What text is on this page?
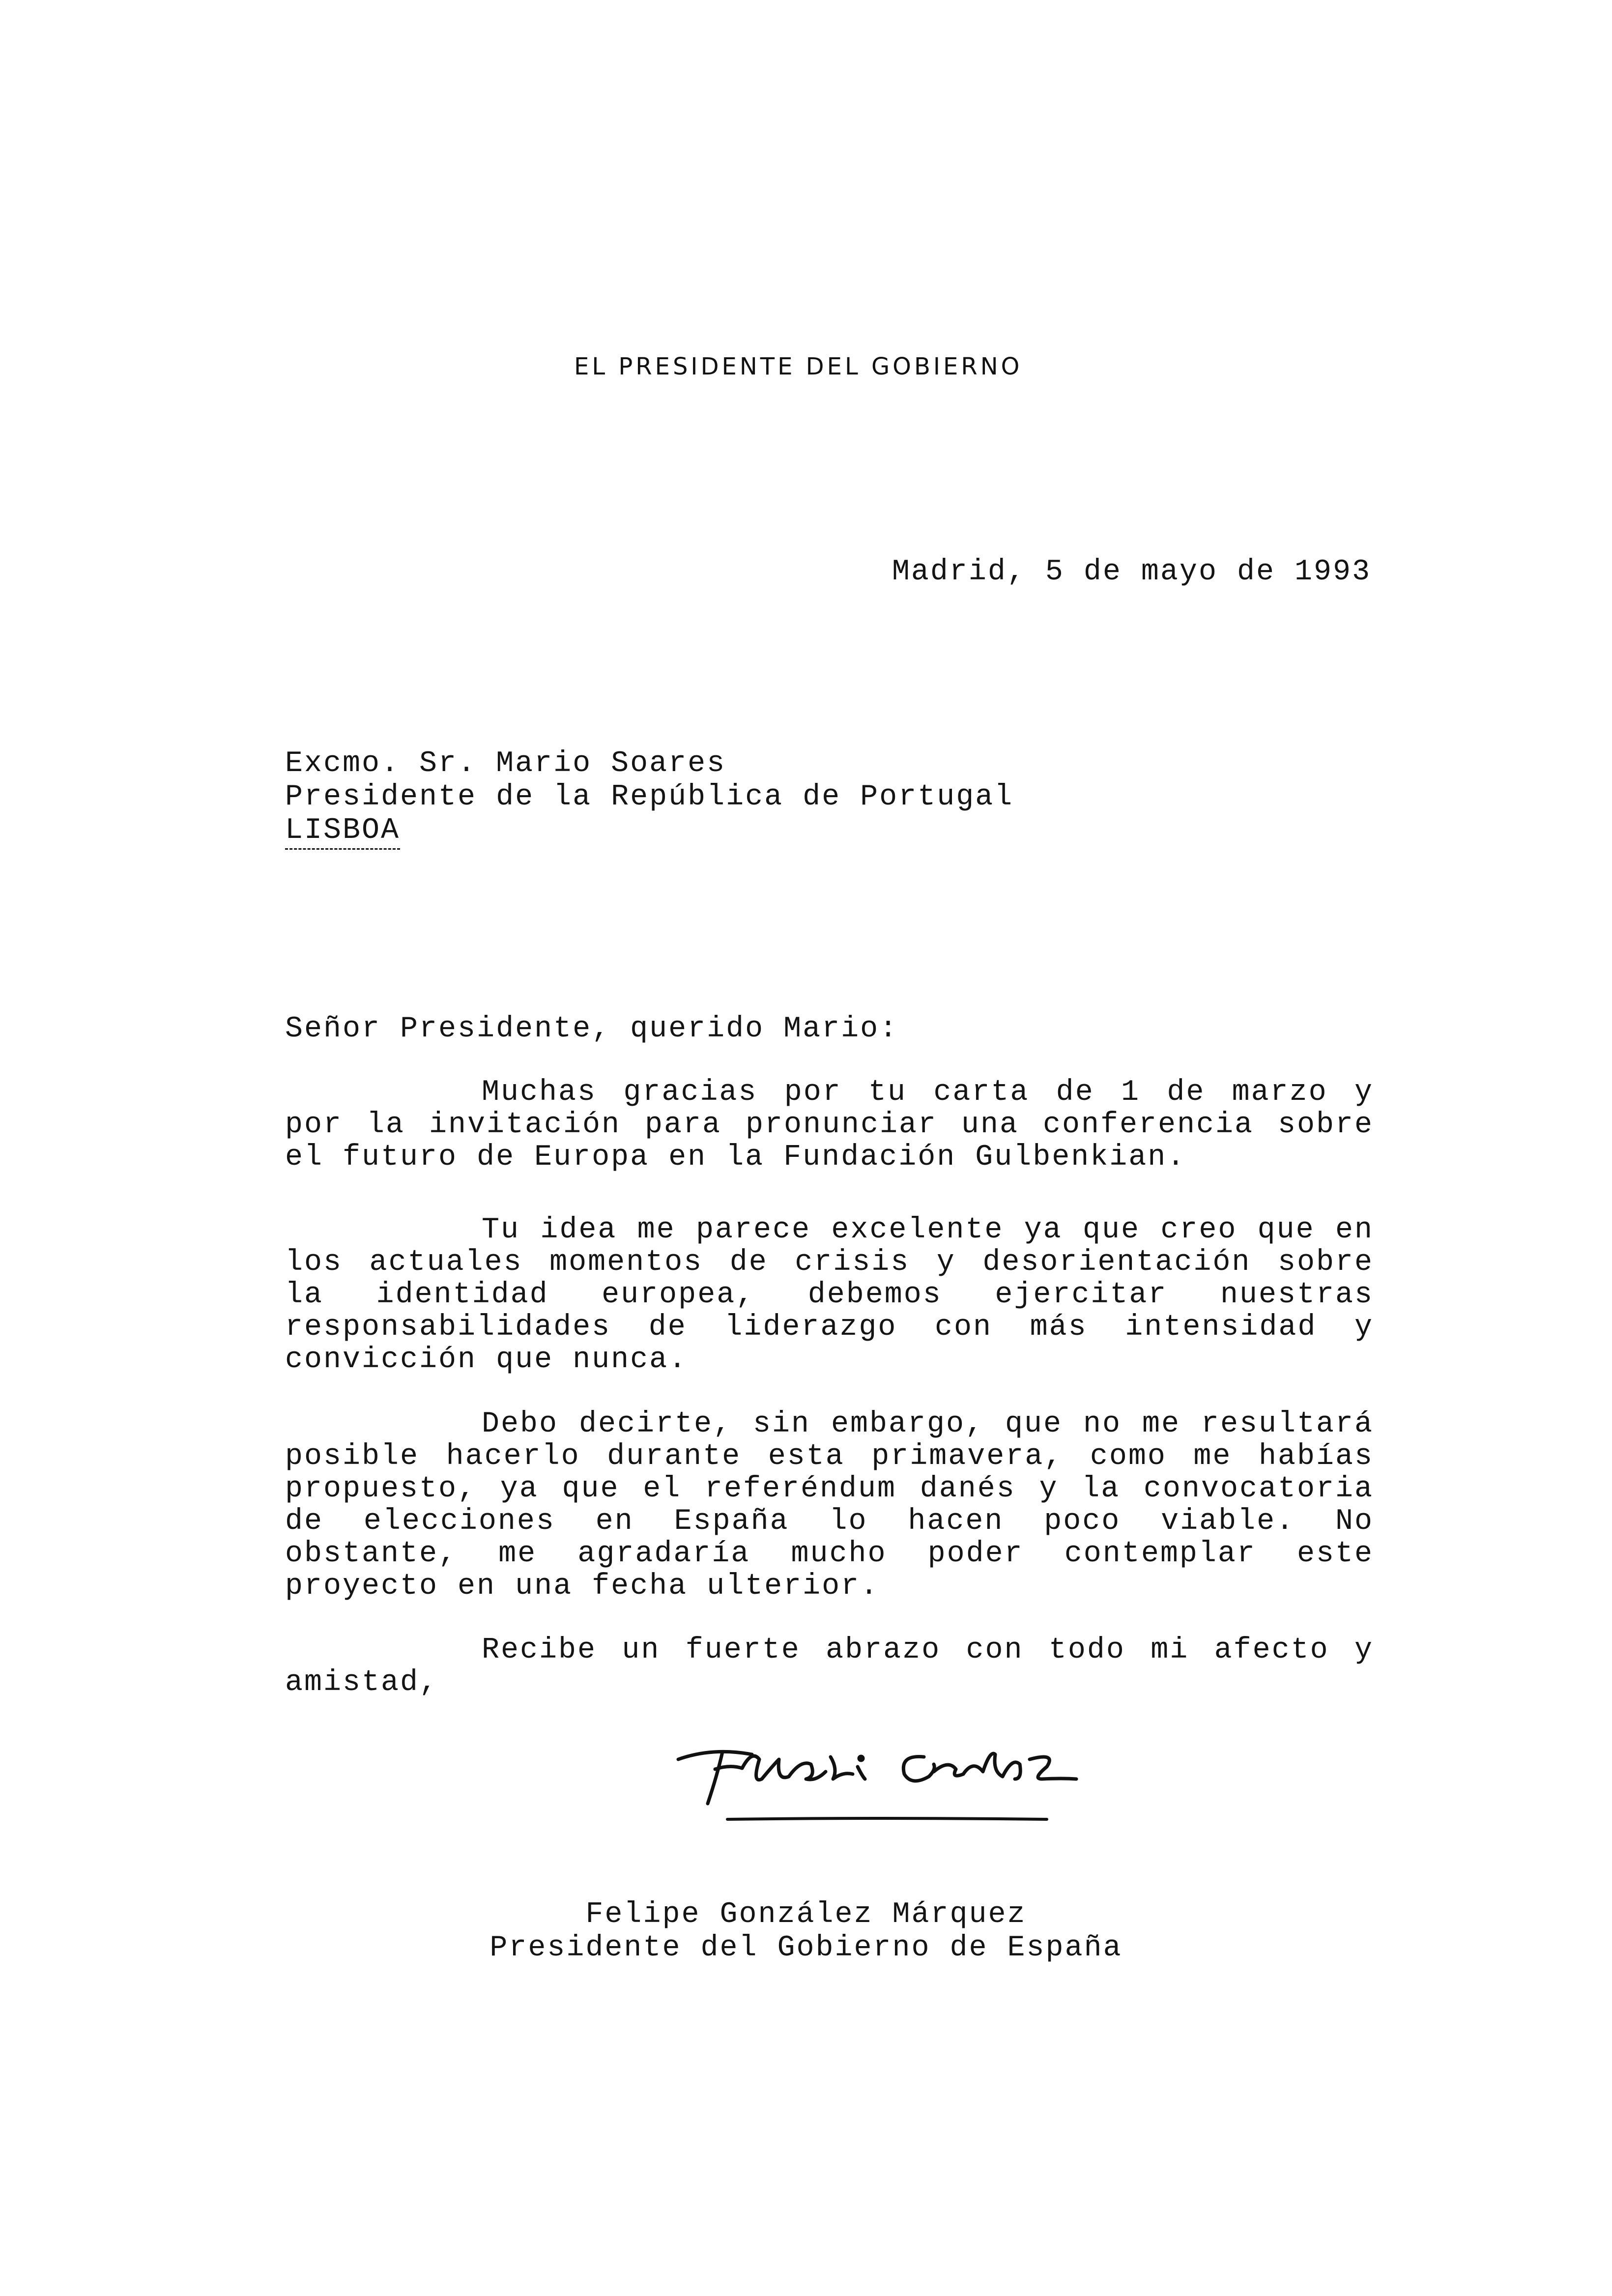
EL PRESIDENTE DEL GOBIERNO
Madrid, 5 de mayo de 1993
Excmo. Sr. Mario Soares
Presidente de la República de Portugal
LISBOA
Señor Presidente, querido Mario:
Muchas gracias por tu carta de 1 de marzo y por la invitación para pronunciar una conferencia sobre el futuro de Europa en la Fundación Gulbenkian.
Tu idea me parece excelente ya que creo que en los actuales momentos de crisis y desorientación sobre la identidad europea, debemos ejercitar nuestras responsabilidades de liderazgo con más intensidad y convicción que nunca.
Debo decirte, sin embargo, que no me resultará posible hacerlo durante esta primavera, como me habías propuesto, ya que el referéndum danés y la convocatoria de elecciones en España lo hacen poco viable. No obstante, me agradaría mucho poder contemplar este proyecto en una fecha ulterior.
Recibe un fuerte abrazo con todo mi afecto y amistad,
Felipe González Márquez
Presidente del Gobierno de España
